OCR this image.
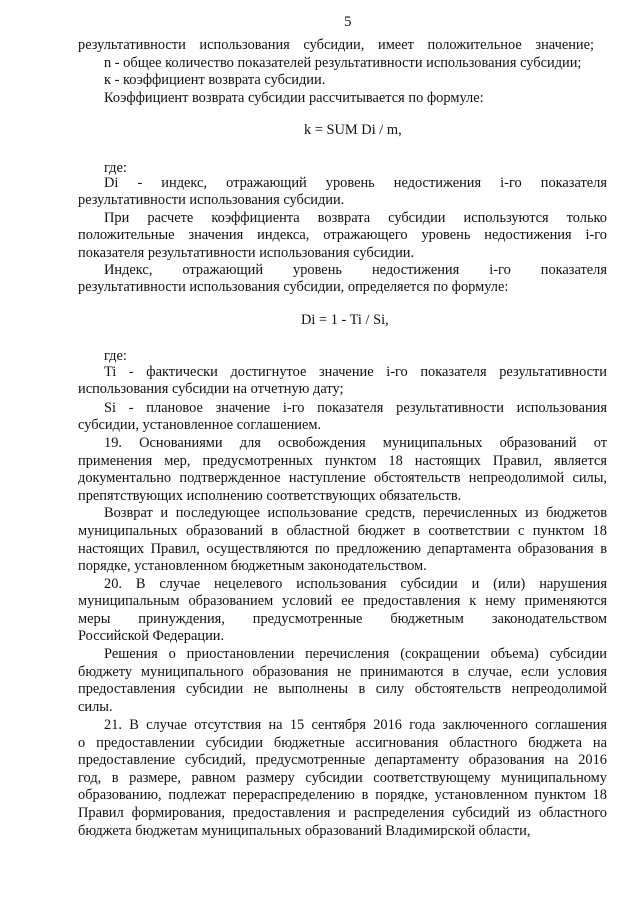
5
результативности использования субсидии, имеет положительное значение;
n - общее количество показателей результативности использования субсидии;
к - коэффициент возврата субсидии.
Коэффициент возврата субсидии рассчитывается по формуле:
k = SUM Di / m,
где:
Di - индекс, отражающий уровень недостижения i-го показателя
результативности использования субсидии.
При расчете коэффициента возврата субсидии используются только
положительные значения индекса, отражающего уровень недостижения i-го
показателя результативности использования субсидии.
Индекс, отражающий уровень недостижения i-го показателя
результативности использования субсидии, определяется по формуле:
Di = 1 - Ti / Si,
где:
Ti - фактически достигнутое значение i-го показателя результативности
использования субсидии на отчетную дату;
Si - плановое значение i-го показателя результативности использования
субсидии, установленное соглашением.
19. Основаниями для освобождения муниципальных образований от
применения мер, предусмотренных пунктом 18 настоящих Правил, является
документально подтвержденное наступление обстоятельств непреодолимой силы,
препятствующих исполнению соответствующих обязательств.
Возврат и последующее использование средств, перечисленных из бюджетов
муниципальных образований в областной бюджет в соответствии с пунктом 18
настоящих Правил, осуществляются по предложению департамента образования в
порядке, установленном бюджетным законодательством.
20. В случае нецелевого использования субсидии и (или) нарушения
муниципальным образованием условий ее предоставления к нему применяются
меры принуждения, предусмотренные бюджетным законодательством
Российской Федерации.
Решения о приостановлении перечисления (сокращении объема) субсидии
бюджету муниципального образования не принимаются в случае, если условия
предоставления субсидии не выполнены в силу обстоятельств непреодолимой
силы.
21. В случае отсутствия на 15 сентября 2016 года заключенного соглашения
о предоставлении субсидии бюджетные ассигнования областного бюджета на
предоставление субсидий, предусмотренные департаменту образования на 2016
год, в размере, равном размеру субсидии соответствующему муниципальному
образованию, подлежат перераспределению в порядке, установленном пунктом 18
Правил формирования, предоставления и распределения субсидий из областного
бюджета бюджетам муниципальных образований Владимирской области,
